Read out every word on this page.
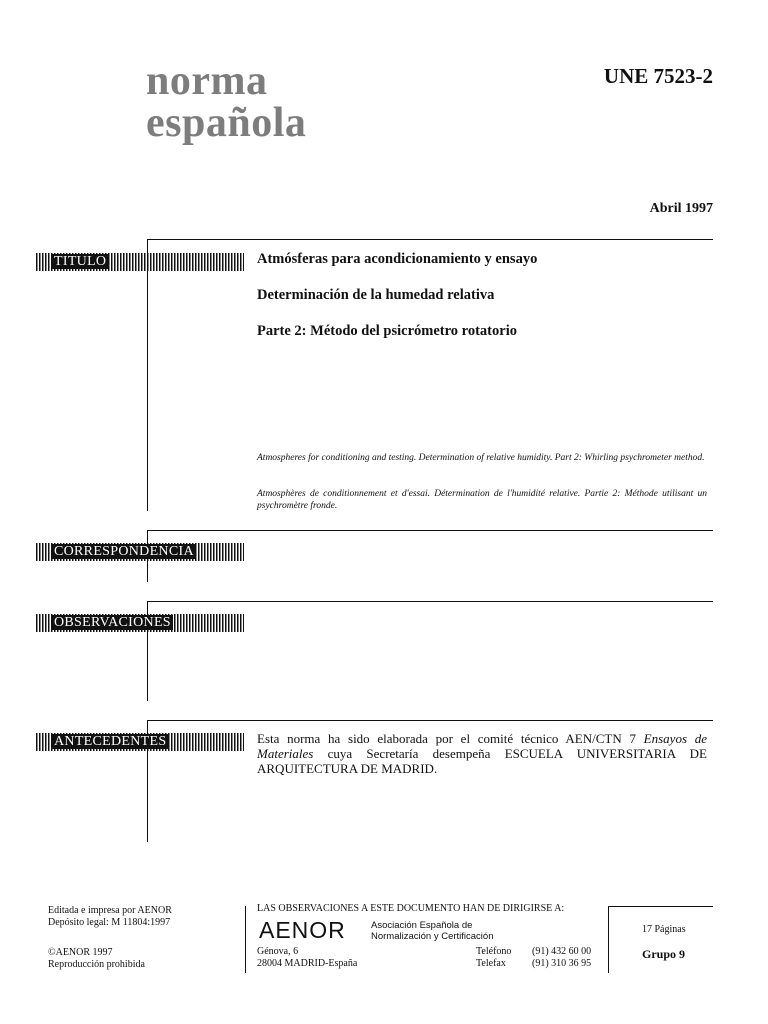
norma
española
UNE 7523-2
Abril 1997
TITULO
CORRESPONDENCIA
OBSERVACIONES
ANTECEDENTES
Atmósferas para acondicionamiento y ensayo
Determinación de la humedad relativa
Parte 2: Método del psicrómetro rotatorio
Atmospheres for conditioning and testing. Determination of relative humidity. Part 2: Whirling psychrometer method.
Atmosphères de conditionnement et d'essai. Détermination de l'humidité relative. Partie 2: Méthode utilisant un psychromètre fronde.
Esta norma ha sido elaborada por el comité técnico AEN/CTN 7 Ensayos de Materiales cuya Secretaría desempeña ESCUELA UNIVERSITARIA DE ARQUITECTURA DE MADRID.
Editada e impresa por AENOR
Depósito legal: M 11804:1997
©AENOR 1997
Reproducción prohibida
LAS OBSERVACIONES A ESTE DOCUMENTO HAN DE DIRIGIRSE A:
AENOR	Asociación Española de
Normalización y Certificación
Génova, 6
28004 MADRID-España
Teléfono
Telefax
(91) 432 60 00
(91) 310 36 95
17 Páginas
Grupo 9
